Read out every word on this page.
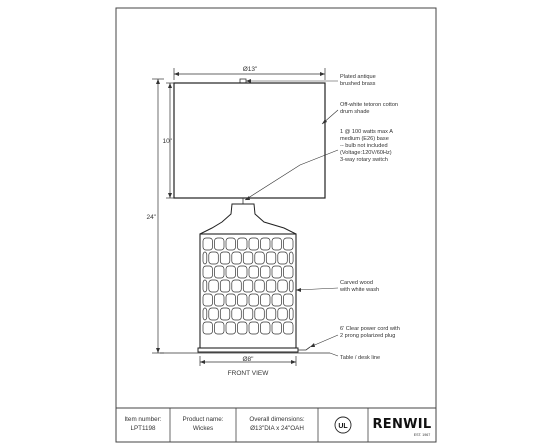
Ø13"
10"
24"
Ø8"
FRONT VIEW
Plated antique brushed brass
Off-white tetoron cotton drum shade
1 @ 100 watts max A medium (E26) base -- bulb not included (Voltage:120V/60Hz) 3-way rotary switch
Carved wood with white wash
6' Clear power cord with 2 prong polarized plug
Table / desk line
Item number:
LPT1198
Product name:
Wickes
Overall dimensions:
Ø13"DIA x 24"OAH	UL RENWIL
EST. 1967
